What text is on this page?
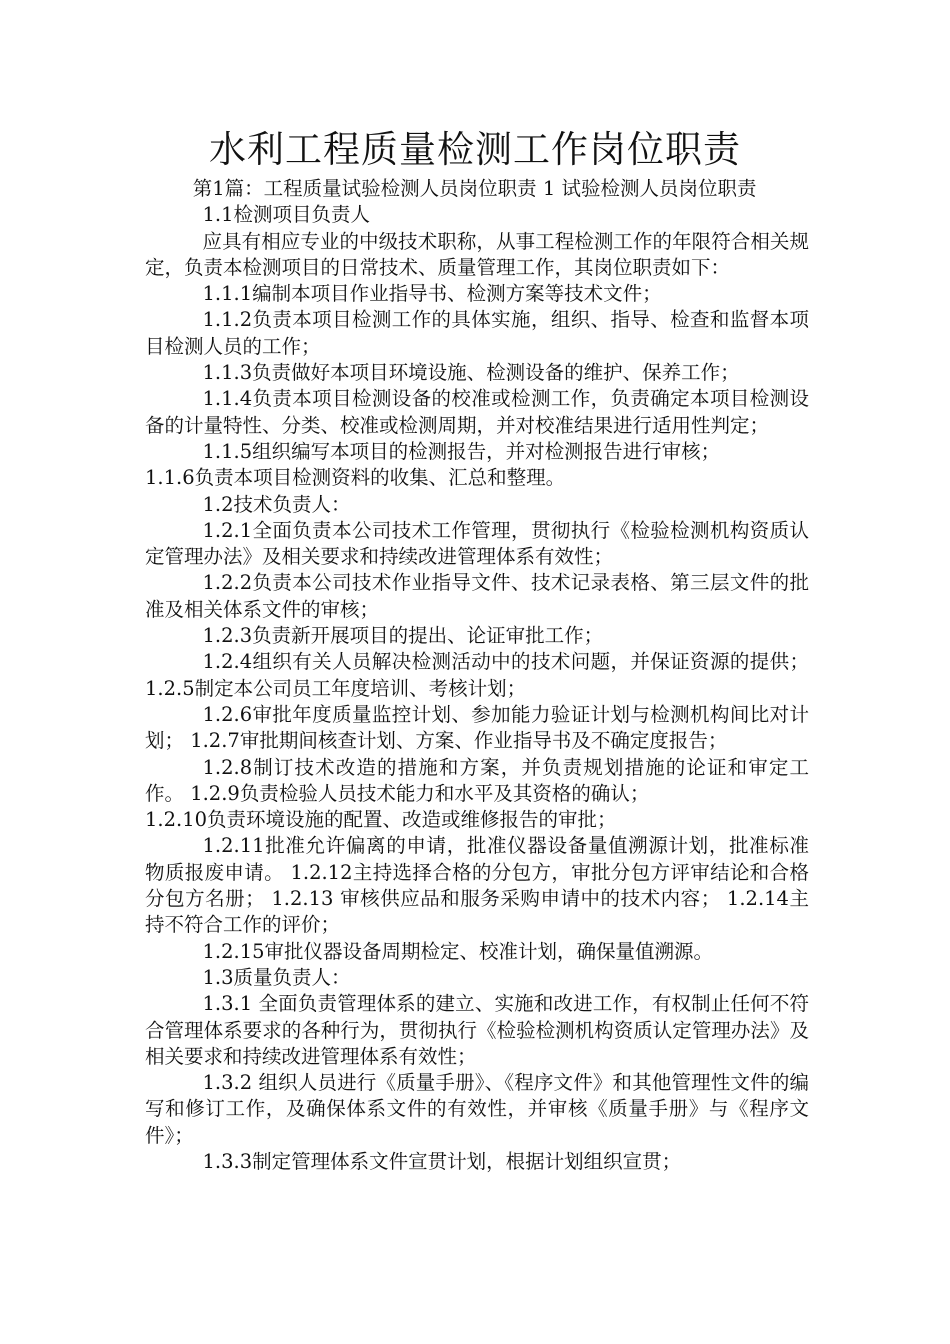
水利工程质量检测工作岗位职责

第1篇：工程质量试验检测人员岗位职责 1 试验检测人员岗位职责

1.1检测项目负责人

应具有相应专业的中级技术职称，从事工程检测工作的年限符合相关规定，负责本检测项目的日常技术、质量管理工作，其岗位职责如下：

1.1.1编制本项目作业指导书、检测方案等技术文件；

1.1.2负责本项目检测工作的具体实施，组织、指导、检查和监督本项目检测人员的工作；

1.1.3负责做好本项目环境设施、检测设备的维护、保养工作；

1.1.4负责本项目检测设备的校准或检测工作，负责确定本项目检测设备的计量特性、分类、校准或检测周期，并对校准结果进行适用性判定；

1.1.5组织编写本项目的检测报告，并对检测报告进行审核；

1.1.6负责本项目检测资料的收集、汇总和整理。

1.2技术负责人：

1.2.1全面负责本公司技术工作管理，贯彻执行《检验检测机构资质认定管理办法》及相关要求和持续改进管理体系有效性；

1.2.2负责本公司技术作业指导文件、技术记录表格、第三层文件的批准及相关体系文件的审核；

1.2.3负责新开展项目的提出、论证审批工作；

1.2.4组织有关人员解决检测活动中的技术问题，并保证资源的提供； 1.2.5制定本公司员工年度培训、考核计划；

1.2.6审批年度质量监控计划、参加能力验证计划与检测机构间比对计划； 1.2.7审批期间核查计划、方案、作业指导书及不确定度报告；

1.2.8制订技术改造的措施和方案，并负责规划措施的论证和审定工作。 1.2.9负责检验人员技术能力和水平及其资格的确认；

1.2.10负责环境设施的配置、改造或维修报告的审批；

1.2.11批准允许偏离的申请，批准仪器设备量值溯源计划，批准标准物质报废申请。 1.2.12主持选择合格的分包方，审批分包方评审结论和合格分包方名册； 1.2.13 审核供应品和服务采购申请中的技术内容； 1.2.14主持不符合工作的评价；

1.2.15审批仪器设备周期检定、校准计划，确保量值溯源。

1.3质量负责人：

1.3.1 全面负责管理体系的建立、实施和改进工作，有权制止任何不符合管理体系要求的各种行为，贯彻执行《检验检测机构资质认定管理办法》及相关要求和持续改进管理体系有效性；

1.3.2 组织人员进行《质量手册》、《程序文件》和其他管理性文件的编写和修订工作，及确保体系文件的有效性，并审核《质量手册》与《程序文件》；

1.3.3制定管理体系文件宣贯计划，根据计划组织宣贯；
